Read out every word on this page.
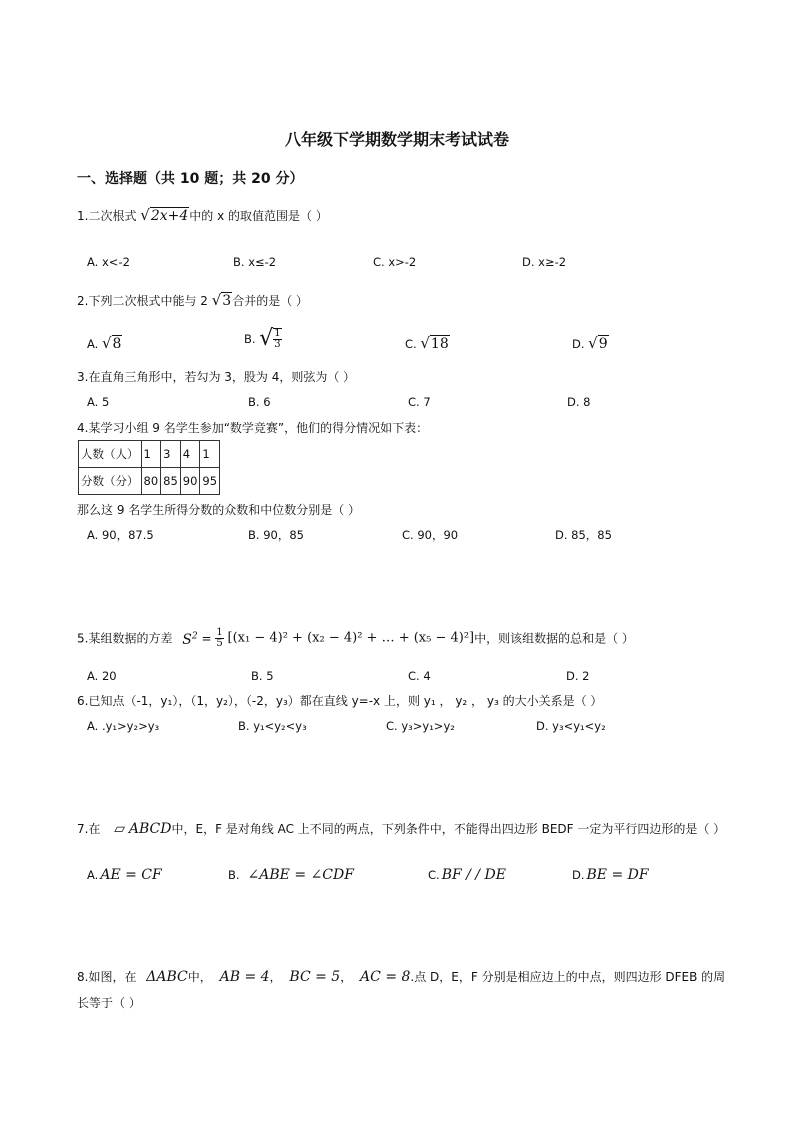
八年级下学期数学期末考试试卷
一、选择题（共 10 题；共 20 分）
1.二次根式 √2x+4中的 x 的取值范围是（ ）
A. x<-2	B. x≤-2	C. x>-2	D. x≥-2
2.下列二次根式中能与 2 √3合并的是（ ）
A. √8	B. √ $\frac{1}{3}$	C. √18	D. √9
3.在直角三角形中，若勾为 3，股为 4，则弦为（ ）
A. 5	B. 6	C. 7	D. 8
4.某学习小组 9 名学生参加“数学竞赛”，他们的得分情况如下表：
人数（人）	1	3	4	1
分数（分）	80	85	90	95
那么这 9 名学生所得分数的众数和中位数分别是（ ）
A. 90，87.5	B. 90，85	C. 90，90	D. 85，85
5.某组数据的方差 $S^2 = \frac{1}{5} [(x_1 - 4)^2 + (x_2 - 4)^2$ + … + (x₅ − 4)²]中，则该组数据的总和是（ ）
A. 20	B. 5	C. 4	D. 2
6.已知点（-1，y₁），（1，y₂），（-2，y₃）都在直线 y=-x 上，则 y₁ ， y₂ ， y₃ 的大小关系是（ ）
A. .y₁>y₂>y₃	B. y₁<y₂<y₃	C. y₃>y₁>y₂	D. y₃<y₁<y₂
7.在 ▱ ABCD中，E，F 是对角线 AC 上不同的两点，下列条件中，不能得出四边形 BEDF 一定为平行四边形的是（ ）
A. AE = CF	B. ∠ABE = ∠CDF	C. BF / / DE	D. BE = DF
8.如图，在 ΔABC中， AB = 4， BC = 5， AC = 8.点 D，E，F 分别是相应边上的中点，则四边形 DFEB 的周长等于（ ）
